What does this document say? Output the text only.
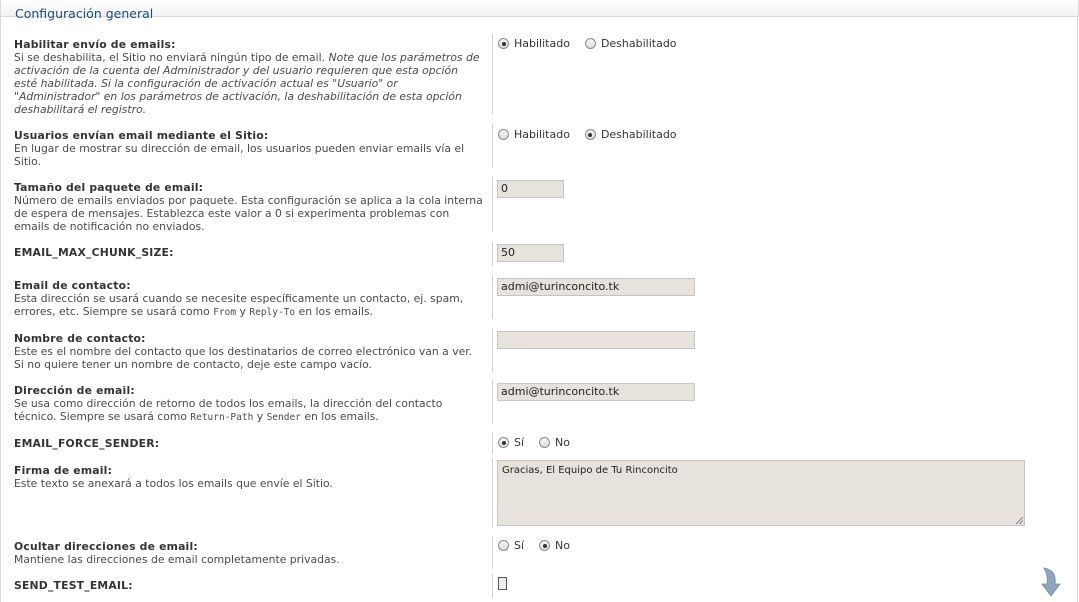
Configuración general
Habilitar envío de emails:
Si se deshabilita, el Sitio no enviará ningún tipo de email. Note que los parámetros de activación de la cuenta del Administrador y del usuario requieren que esta opción esté habilitada. Si la configuración de activación actual es "Usuario" or "Administrador" en los parámetros de activación, la deshabilitación de esta opción deshabilitará el registro.
Habilitado	Deshabilitado
Usuarios envían email mediante el Sitio:
En lugar de mostrar su dirección de email, los usuarios pueden enviar emails vía el Sitio.
Habilitado	Deshabilitado
Tamaño del paquete de email:
Número de emails enviados por paquete. Esta configuración se aplica a la cola interna de espera de mensajes. Establezca este valor a 0 si experimenta problemas con emails de notificación no enviados.
0
EMAIL_MAX_CHUNK_SIZE:	50
Email de contacto:
Esta dirección se usará cuando se necesite específicamente un contacto, ej. spam, errores, etc. Siempre se usará como From y Reply-To en los emails.
admi@turinconcito.tk
Nombre de contacto:
Este es el nombre del contacto que los destinatarios de correo electrónico van a ver. Si no quiere tener un nombre de contacto, deje este campo vacío.
Dirección de email:
Se usa como dirección de retorno de todos los emails, la dirección del contacto técnico. Siempre se usará como Return-Path y Sender en los emails.
admi@turinconcito.tk
EMAIL_FORCE_SENDER:	Sí	No
Firma de email:
Este texto se anexará a todos los emails que envíe el Sitio.
Gracias, El Equipo de Tu Rinconcito
Ocultar direcciones de email:
Mantiene las direcciones de email completamente privadas.
Sí	No
SEND_TEST_EMAIL:
